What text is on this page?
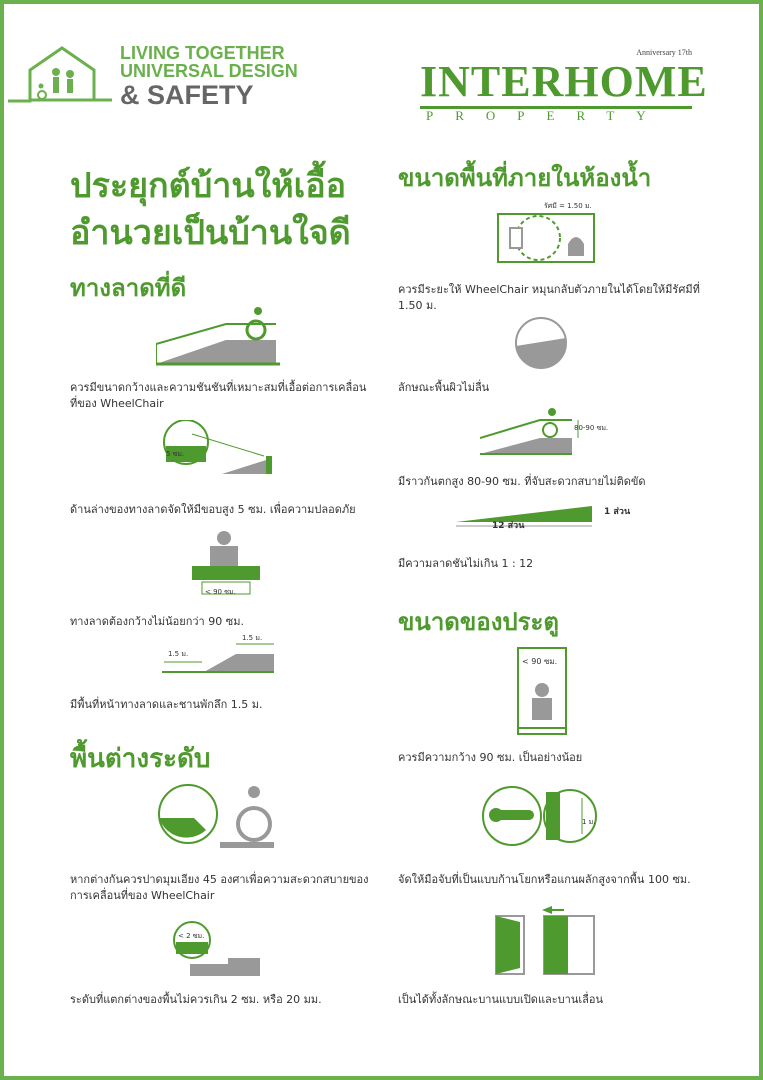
LIVING TOGETHER
UNIVERSAL DESIGN
& SAFETY
Anniversary 17th
INTERHOME
PROPERTY
ประยุกต์บ้านให้เอื้อ
อำนวยเป็นบ้านใจดี
ทางลาดที่ดี
ควรมีขนาดกว้างและความชันชันที่เหมาะสมที่เอื้อต่อการเคลื่อน ที่ของ WheelChair
5 ซม.
ด้านล่างของทางลาดจัดให้มีขอบสูง 5 ซม. เพื่อความปลอดภัย
< 90 ซม.
ทางลาดต้องกว้างไม่น้อยกว่า 90 ซม.
1.5 ม.
1.5 ม.
มีพื้นที่หน้าทางลาดและชานพักลึก 1.5 ม.
พื้นต่างระดับ
45 °
หากต่างกันควรปาดมุมเอียง 45 องศาเพื่อความสะดวกสบายของ การเคลื่อนที่ของ WheelChair
< 2 ซม.
ระดับที่แตกต่างของพื้นไม่ควรเกิน 2 ซม. หรือ 20 มม.
ขนาดพื้นที่ภายในห้องน้ำ
รัศมี = 1.50 ม.
ควรมีระยะให้ WheelChair หมุนกลับตัวภายในได้โดยให้มีรัศมีที่ 1.50 ม.
ลักษณะพื้นผิวไม่ลื่น
80-90 ซม.
มีราวกันตกสูง 80-90 ซม. ที่จับสะดวกสบายไม่ติดขัด
12 ส่วน
1 ส่วน
มีความลาดชันไม่เกิน 1 : 12
ขนาดของประตู
< 90 ซม.
ควรมีความกว้าง 90 ซม. เป็นอย่างน้อย
1 ม.
จัดให้มือจับที่เป็นแบบก้านโยกหรือแกนผลักสูงจากพื้น 100 ซม.
เป็นได้ทั้งลักษณะบานแบบเปิดและบานเลื่อน
